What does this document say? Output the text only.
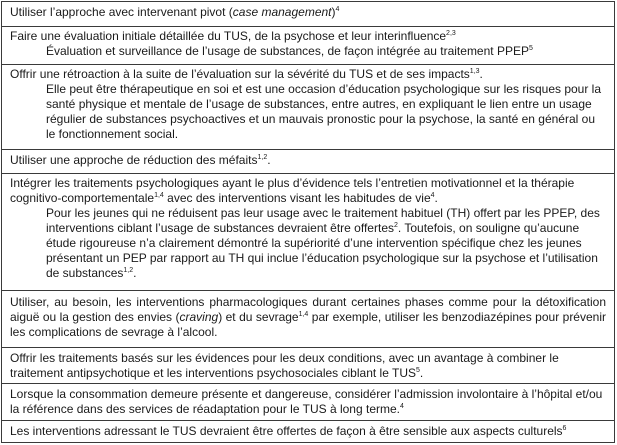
Utiliser l’approche avec intervenant pivot (case management)$^4$
Faire une évaluation initiale détaillée du TUS, de la psychose et leur interinfluence$^{2,3}$
Évaluation et surveillance de l’usage de substances, de façon intégrée au traitement PPEP$^5$
Offrir une rétroaction à la suite de l’évaluation sur la sévérité du TUS et de ses impacts$^{1,3}$.
Elle peut être thérapeutique en soi et est une occasion d’éducation psychologique sur les risques pour la santé physique et mentale de l’usage de substances, entre autres, en expliquant le lien entre un usage régulier de substances psychoactives et un mauvais pronostic pour la psychose, la santé en général ou le fonctionnement social.
Utiliser une approche de réduction des méfaits$^{1,2}$.
Intégrer les traitements psychologiques ayant le plus d’évidence tels l’entretien motivationnel et la thérapie cognitivo-comportementale$^{1,4}$ avec des interventions visant les habitudes de vie$^4$.
Pour les jeunes qui ne réduisent pas leur usage avec le traitement habituel (TH) offert par les PPEP, des interventions ciblant l’usage de substances devraient être offertes$^2$. Toutefois, on souligne qu’aucune étude rigoureuse n’a clairement démontré la supériorité d’une intervention spécifique chez les jeunes présentant un PEP par rapport au TH qui inclue l’éducation psychologique sur la psychose et l’utilisation de substances$^{1,2}$.
Utiliser, au besoin, les interventions pharmacologiques durant certaines phases comme pour la détoxification aiguë ou la gestion des envies (craving) et du sevrage$^{1,4}$ par exemple, utiliser les benzodiazépines pour prévenir les complications de sevrage à l’alcool.
Offrir les traitements basés sur les évidences pour les deux conditions, avec un avantage à combiner le traitement antipsychotique et les interventions psychosociales ciblant le TUS$^5$.
Lorsque la consommation demeure présente et dangereuse, considérer l’admission involontaire à l’hôpital et/ou la référence dans des services de réadaptation pour le TUS à long terme.$^4$
Les interventions adressant le TUS devraient être offertes de façon à être sensible aux aspects culturels$^6$
